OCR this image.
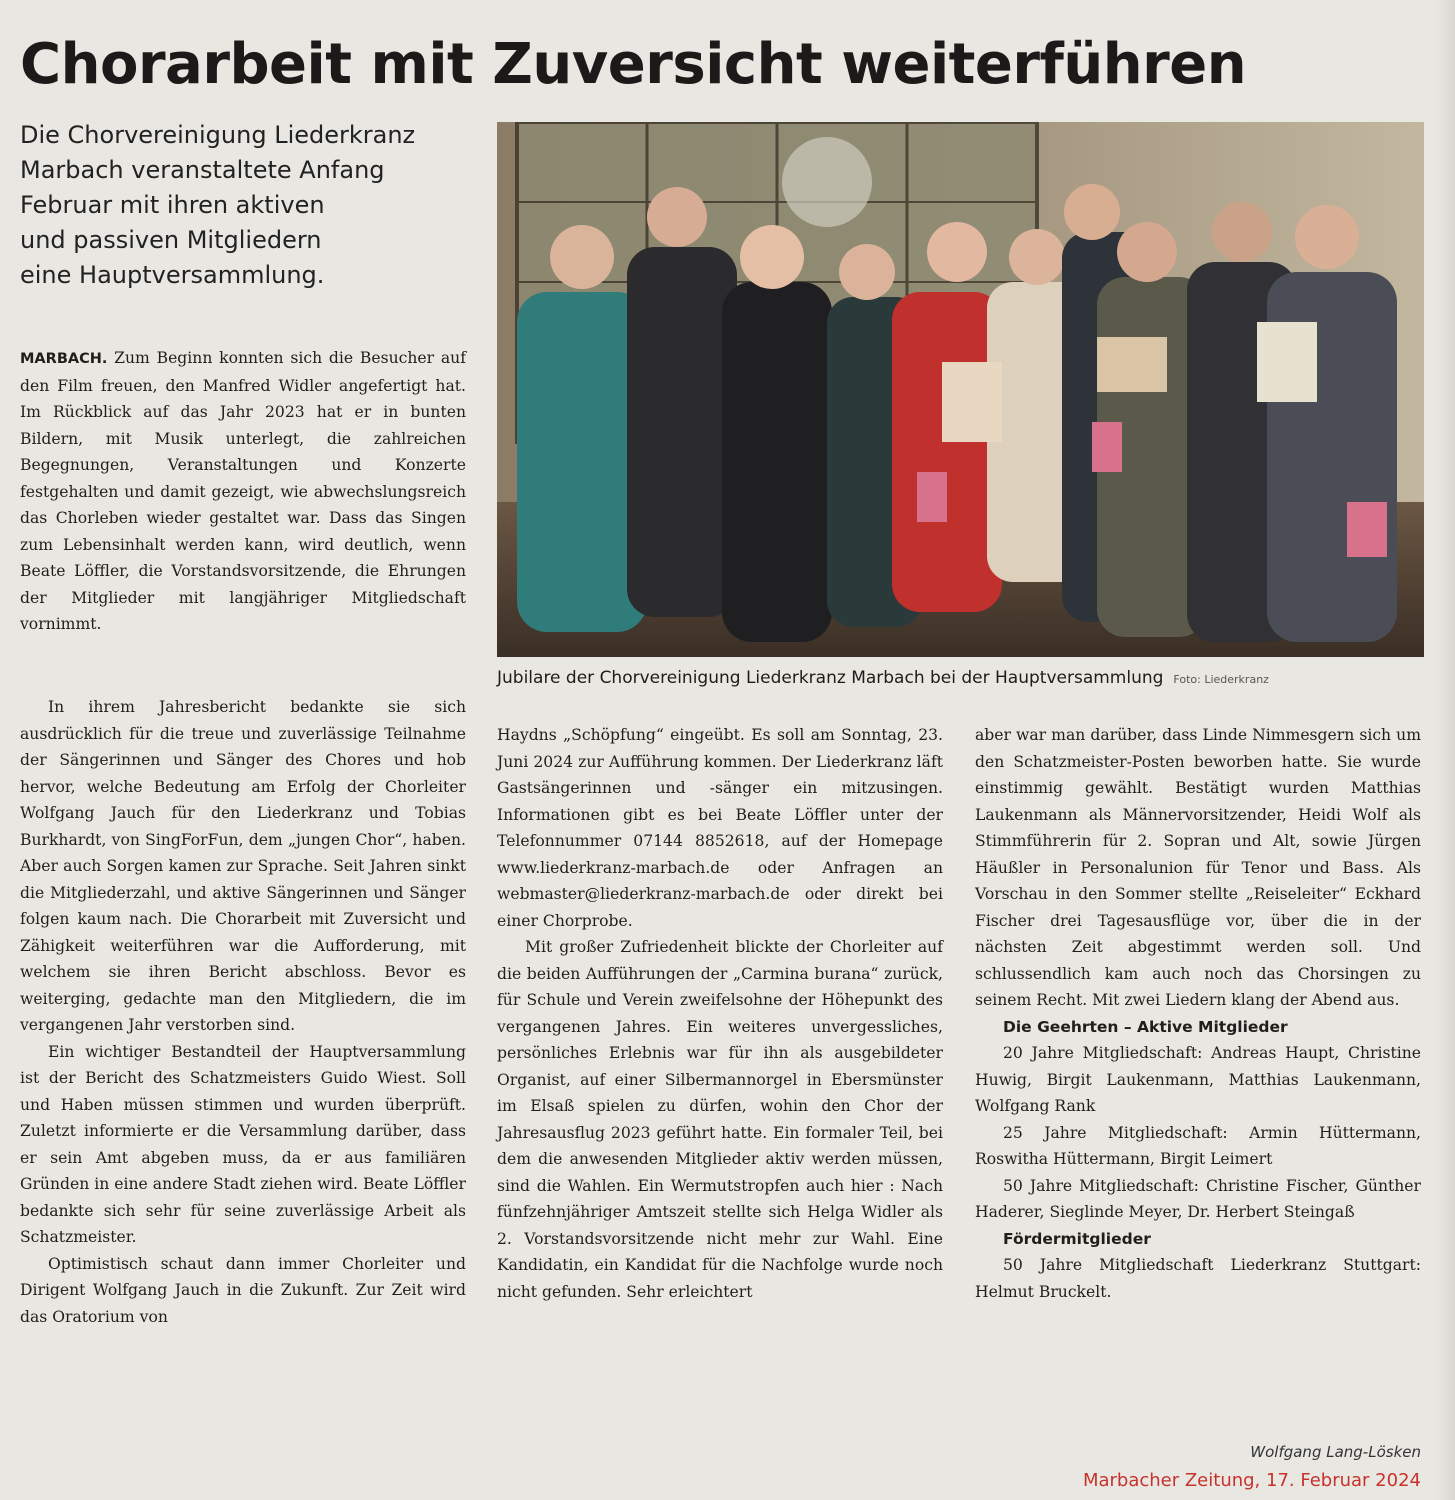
Chorarbeit mit Zuversicht weiterführen
Die Chorvereinigung Liederkranz
Marbach veranstaltete Anfang
Februar mit ihren aktiven
und passiven Mitgliedern
eine Hauptversammlung.
Jubilare der Chorvereinigung Liederkranz Marbach bei der Hauptversammlung Foto: Liederkranz

MARBACH. Zum Beginn konnten sich die Besucher auf den Film freuen, den Manfred Widler angefertigt hat. Im Rückblick auf das Jahr 2023 hat er in bunten Bildern, mit Musik unterlegt, die zahlreichen Begegnungen, Veranstaltungen und Konzerte festgehalten und damit gezeigt, wie abwechslungsreich das Chorleben wieder gestaltet war. Dass das Singen zum Lebensinhalt werden kann, wird deutlich, wenn Beate Löffler, die Vorstandsvorsitzende, die Ehrungen der Mitglieder mit langjähriger Mitgliedschaft vornimmt.

In ihrem Jahresbericht bedankte sie sich ausdrücklich für die treue und zuverlässige Teilnahme der Sängerinnen und Sänger des Chores und hob hervor, welche Bedeutung am Erfolg der Chorleiter Wolfgang Jauch für den Liederkranz und Tobias Burkhardt, von SingForFun, dem „jungen Chor“, haben. Aber auch Sorgen kamen zur Sprache. Seit Jahren sinkt die Mitgliederzahl, und aktive Sängerinnen und Sänger folgen kaum nach. Die Chorarbeit mit Zuversicht und Zähigkeit weiterführen war die Aufforderung, mit welchem sie ihren Bericht abschloss. Bevor es weiterging, gedachte man den Mitgliedern, die im vergangenen Jahr verstorben sind.

Ein wichtiger Bestandteil der Hauptversammlung ist der Bericht des Schatzmeisters Guido Wiest. Soll und Haben müssen stimmen und wurden überprüft. Zuletzt informierte er die Versammlung darüber, dass er sein Amt abgeben muss, da er aus familiären Gründen in eine andere Stadt ziehen wird. Beate Löffler bedankte sich sehr für seine zuverlässige Arbeit als Schatzmeister.

Optimistisch schaut dann immer Chorleiter und Dirigent Wolfgang Jauch in die Zukunft. Zur Zeit wird das Oratorium von

Haydns „Schöpfung“ eingeübt. Es soll am Sonntag, 23. Juni 2024 zur Aufführung kommen. Der Liederkranz läft Gastsängerinnen und -sänger ein mitzusingen. Informationen gibt es bei Beate Löffler unter der Telefonnummer 07144 8852618, auf der Homepage www.liederkranz-marbach.de oder Anfragen an webmaster@liederkranz-marbach.de oder direkt bei einer Chorprobe.

Mit großer Zufriedenheit blickte der Chorleiter auf die beiden Aufführungen der „Carmina burana“ zurück, für Schule und Verein zweifelsohne der Höhepunkt des vergangenen Jahres. Ein weiteres unvergessliches, persönliches Erlebnis war für ihn als ausgebildeter Organist, auf einer Silbermannorgel in Ebersmünster im Elsaß spielen zu dürfen, wohin den Chor der Jahresausflug 2023 geführt hatte. Ein formaler Teil, bei dem die anwesenden Mitglieder aktiv werden müssen, sind die Wahlen. Ein Wermutstropfen auch hier : Nach fünfzehnjähriger Amtszeit stellte sich Helga Widler als 2. Vorstandsvorsitzende nicht mehr zur Wahl. Eine Kandidatin, ein Kandidat für die Nachfolge wurde noch nicht gefunden. Sehr erleichtert

aber war man darüber, dass Linde Nimmesgern sich um den Schatzmeister-Posten beworben hatte. Sie wurde einstimmig gewählt. Bestätigt wurden Matthias Laukenmann als Männervorsitzender, Heidi Wolf als Stimmführerin für 2. Sopran und Alt, sowie Jürgen Häußler in Personalunion für Tenor und Bass. Als Vorschau in den Sommer stellte „Reiseleiter“ Eckhard Fischer drei Tagesausflüge vor, über die in der nächsten Zeit abgestimmt werden soll. Und schlussendlich kam auch noch das Chorsingen zu seinem Recht. Mit zwei Liedern klang der Abend aus.

Die Geehrten – Aktive Mitglieder

20 Jahre Mitgliedschaft: Andreas Haupt, Christine Huwig, Birgit Laukenmann, Matthias Laukenmann, Wolfgang Rank

25 Jahre Mitgliedschaft: Armin Hüttermann, Roswitha Hüttermann, Birgit Leimert

50 Jahre Mitgliedschaft: Christine Fischer, Günther Haderer, Sieglinde Meyer, Dr. Herbert Steingaß

Fördermitglieder

50 Jahre Mitgliedschaft Liederkranz Stuttgart: Helmut Bruckelt.

Wolfgang Lang-Lösken
Marbacher Zeitung, 17. Februar 2024
